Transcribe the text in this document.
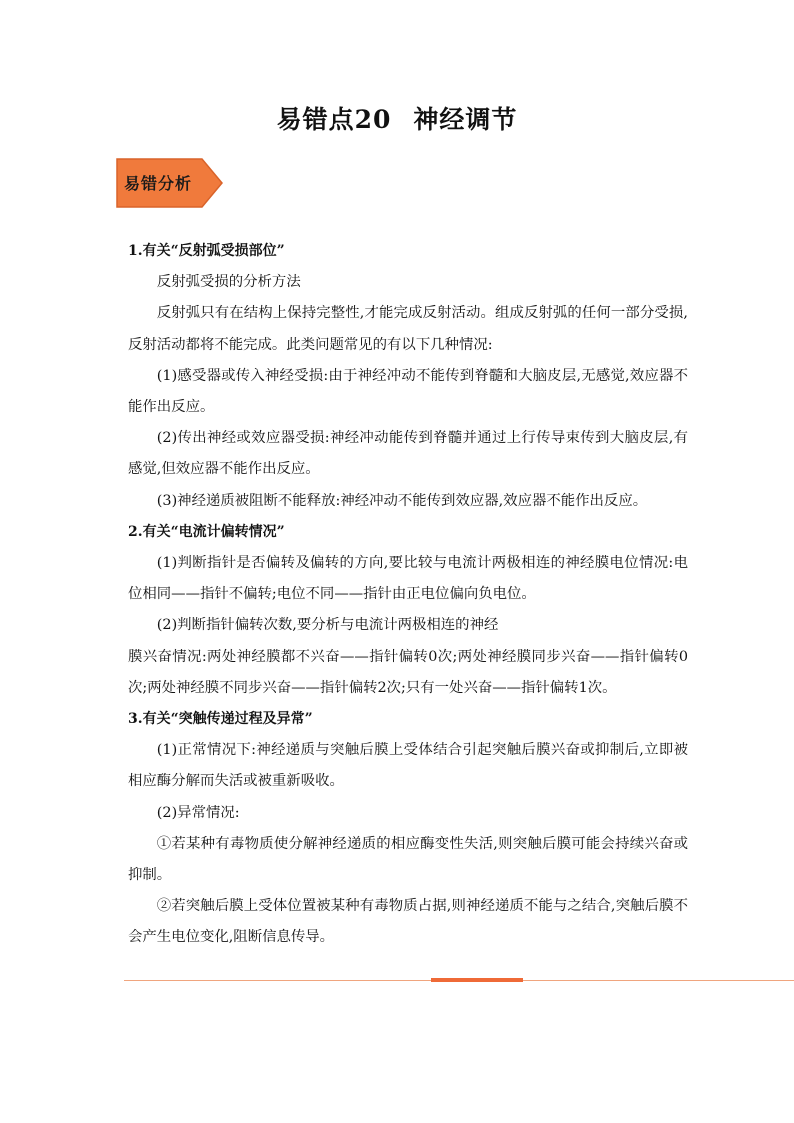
易错点20 神经调节
易错分析

1.有关“反射弧受损部位”

反射弧受损的分析方法

反射弧只有在结构上保持完整性,才能完成反射活动。组成反射弧的任何一部分受损,反射活动都将不能完成。此类问题常见的有以下几种情况:

(1)感受器或传入神经受损:由于神经冲动不能传到脊髓和大脑皮层,无感觉,效应器不能作出反应。

(2)传出神经或效应器受损:神经冲动能传到脊髓并通过上行传导束传到大脑皮层,有感觉,但效应器不能作出反应。

(3)神经递质被阻断不能释放:神经冲动不能传到效应器,效应器不能作出反应。

2.有关“电流计偏转情况”

(1)判断指针是否偏转及偏转的方向,要比较与电流计两极相连的神经膜电位情况:电位相同——指针不偏转;电位不同——指针由正电位偏向负电位。

(2)判断指针偏转次数,要分析与电流计两极相连的神经

膜兴奋情况:两处神经膜都不兴奋——指针偏转0次;两处神经膜同步兴奋——指针偏转0次;两处神经膜不同步兴奋——指针偏转2次;只有一处兴奋——指针偏转1次。

3.有关“突触传递过程及异常”

(1)正常情况下:神经递质与突触后膜上受体结合引起突触后膜兴奋或抑制后,立即被相应酶分解而失活或被重新吸收。

(2)异常情况:

①若某种有毒物质使分解神经递质的相应酶变性失活,则突触后膜可能会持续兴奋或抑制。

②若突触后膜上受体位置被某种有毒物质占据,则神经递质不能与之结合,突触后膜不会产生电位变化,阻断信息传导。
